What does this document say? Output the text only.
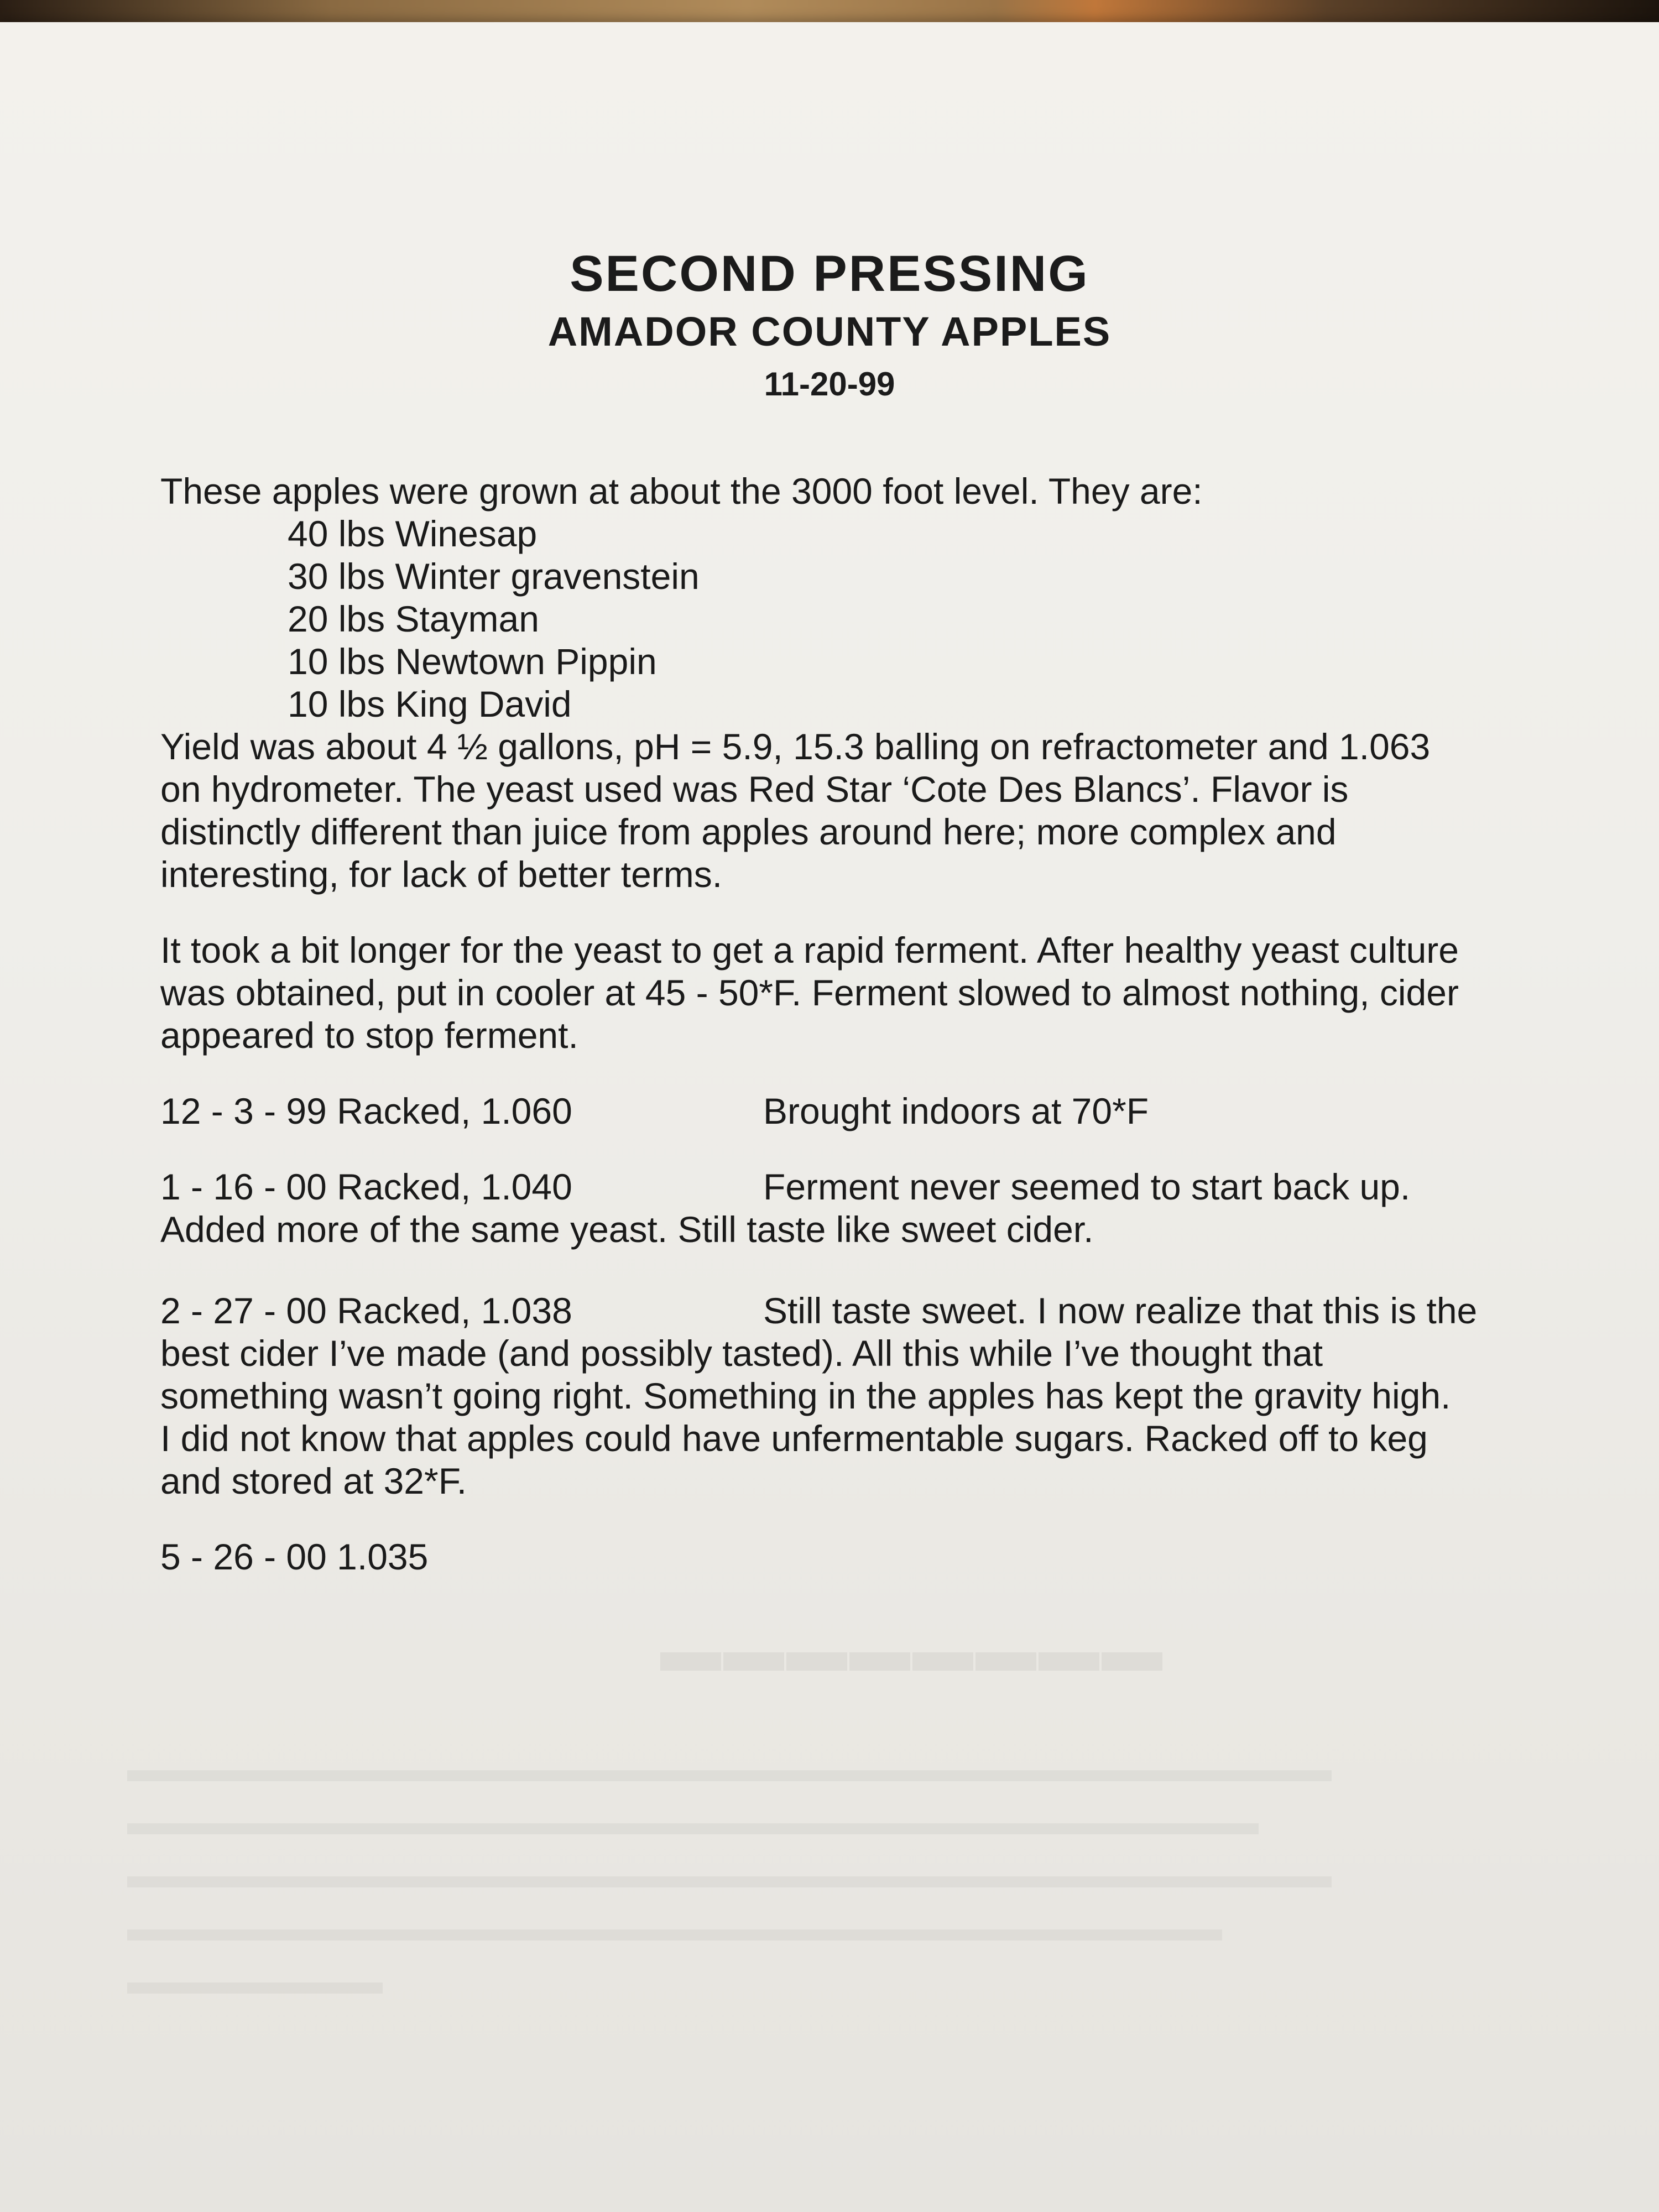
▬▬▬▬▬▬▬▬
SECOND PRESSING
AMADOR COUNTY APPLES
11-20-99
These apples were grown at about the 3000 foot level. They are:
40 lbs Winesap
30 lbs Winter gravenstein
20 lbs Stayman
10 lbs Newtown Pippin
10 lbs King David
Yield was about 4 ½ gallons, pH = 5.9, 15.3 balling on refractometer and 1.063
on hydrometer. The yeast used was Red Star ‘Cote Des Blancs’. Flavor is
distinctly different than juice from apples around here; more complex and
interesting, for lack of better terms.
It took a bit longer for the yeast to get a rapid ferment. After healthy yeast culture
was obtained, put in cooler at 45 - 50*F. Ferment slowed to almost nothing, cider
appeared to stop ferment.
12 - 3 - 99 Racked, 1.060	Brought indoors at 70*F
1 - 16 - 00 Racked, 1.040	Ferment never seemed to start back up.
Added more of the same yeast. Still taste like sweet cider.
2 - 27 - 00 Racked, 1.038	Still taste sweet. I now realize that this is the
best cider I’ve made (and possibly tasted). All this while I’ve thought that
something wasn’t going right. Something in the apples has kept the gravity high.
I did not know that apples could have unfermentable sugars. Racked off to keg
and stored at 32*F.
5 - 26 - 00 1.035
